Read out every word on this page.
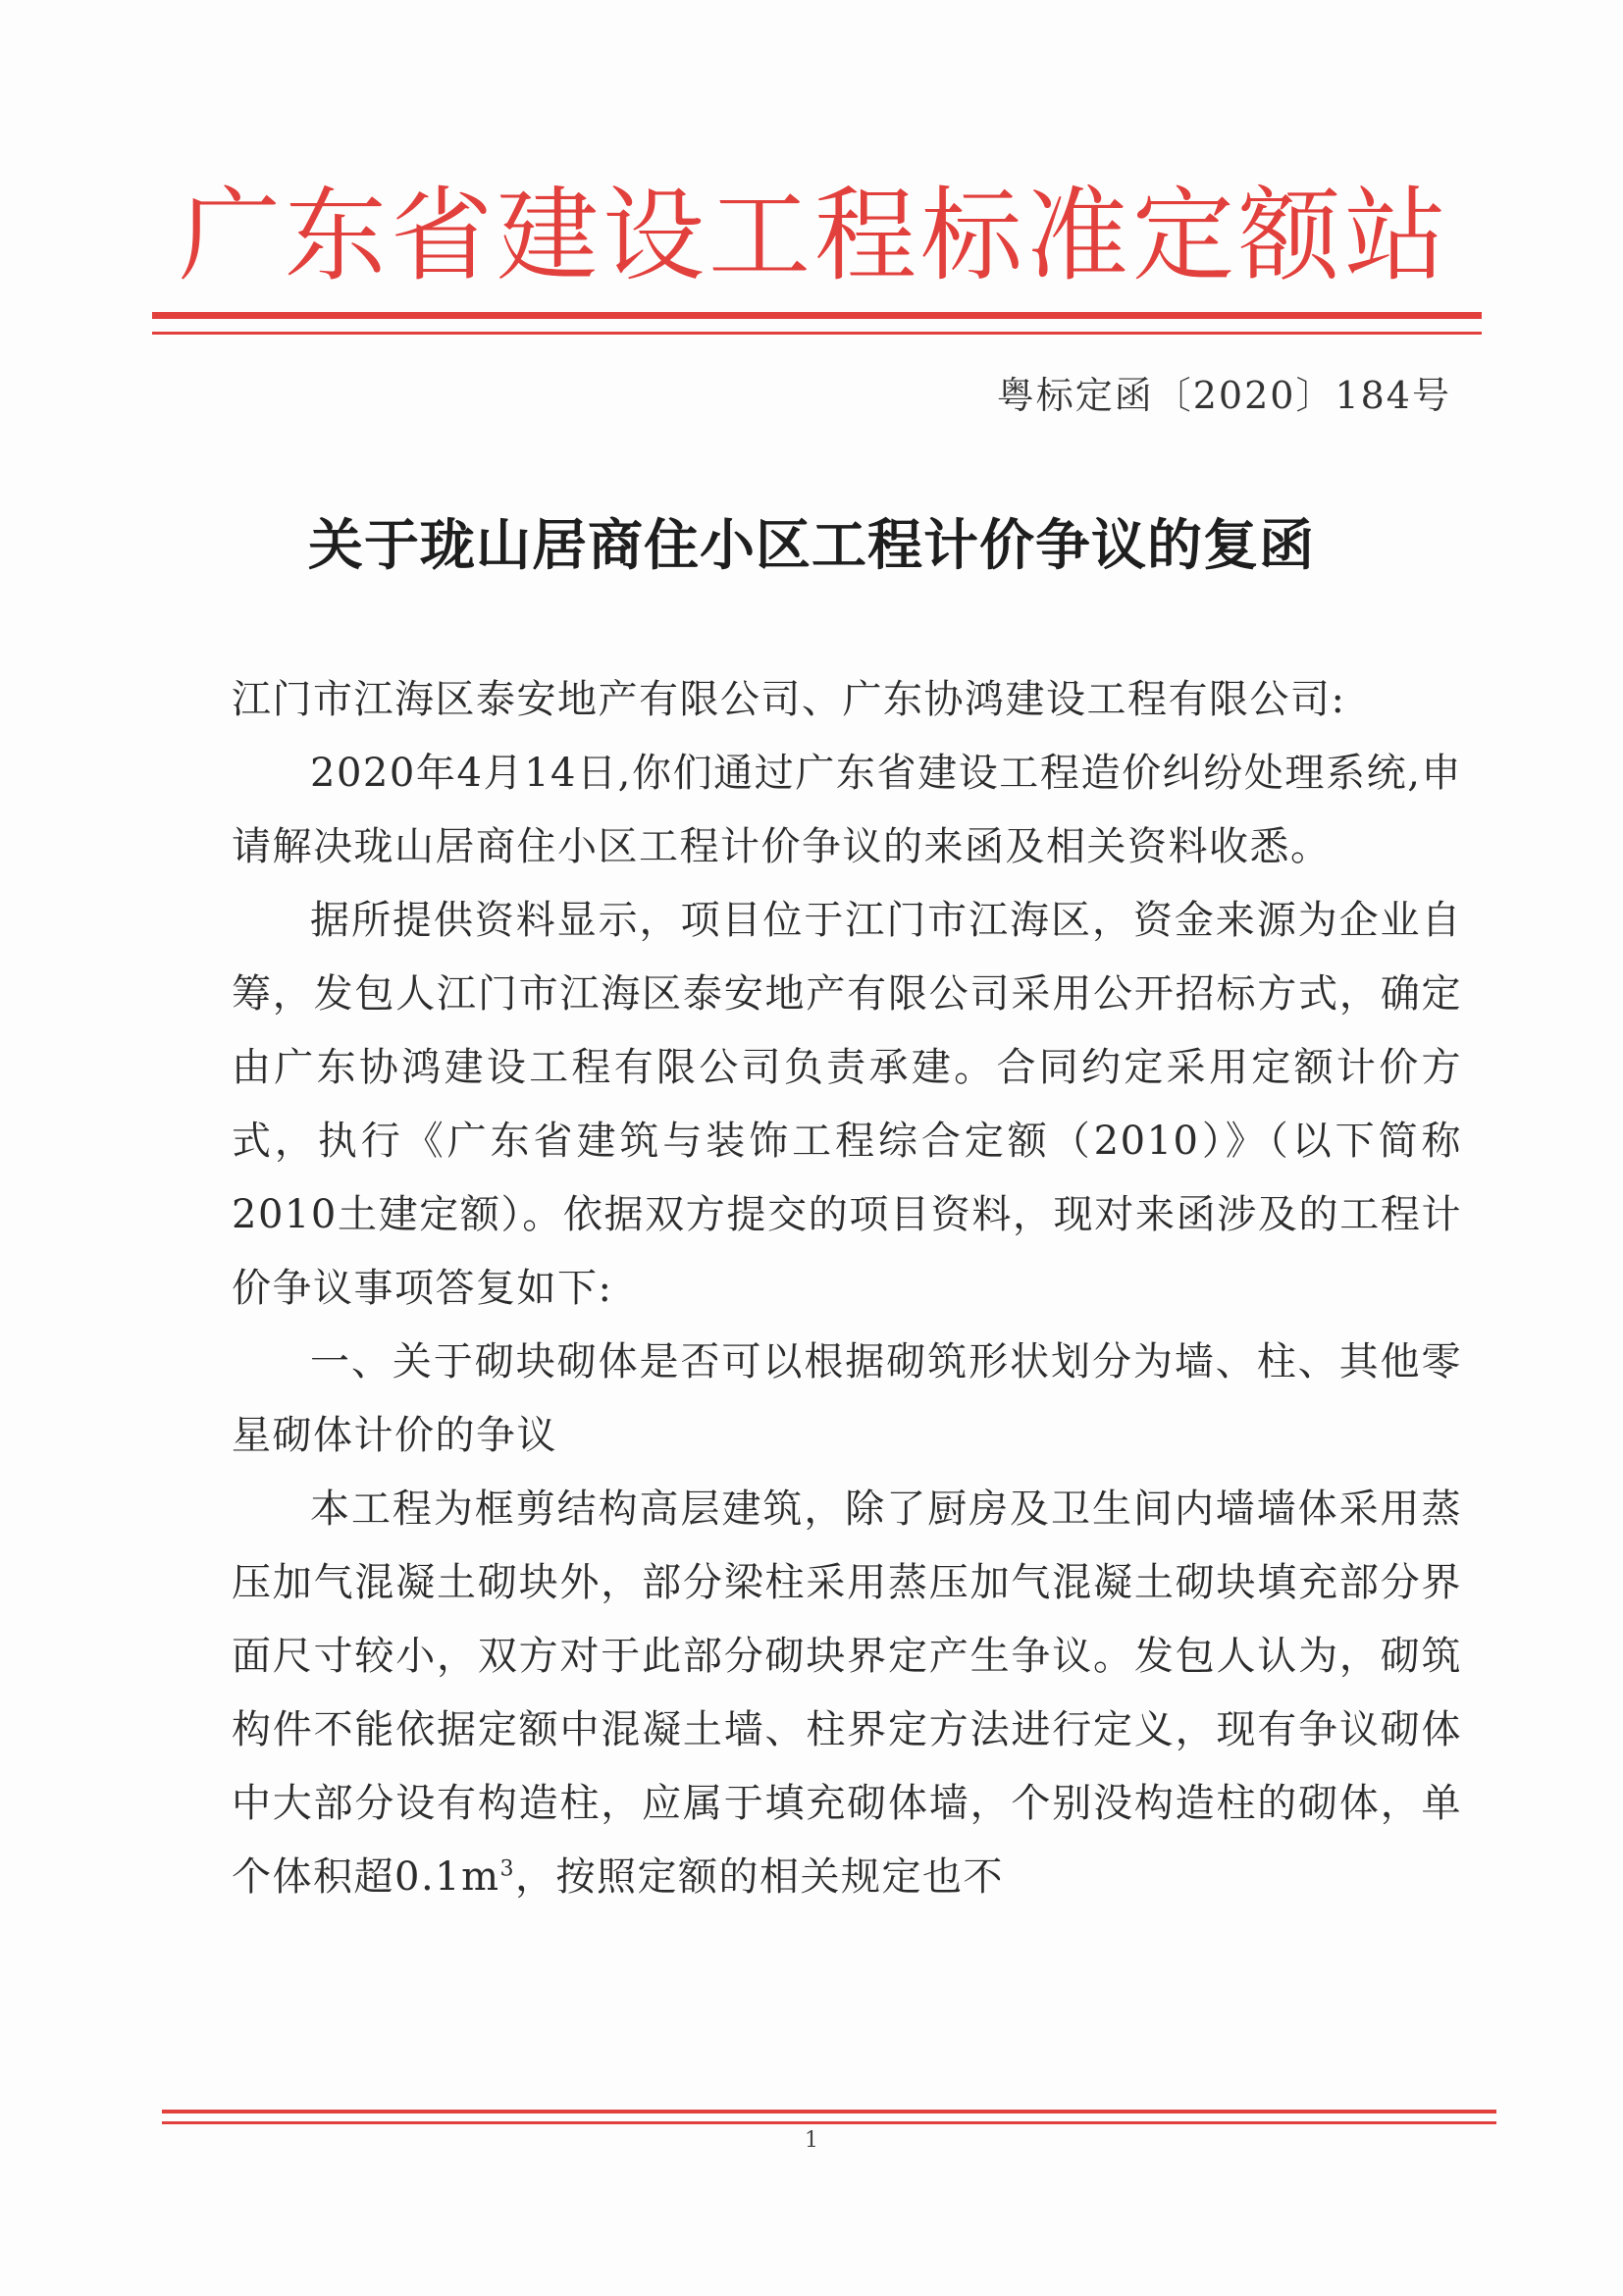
广东省建设工程标准定额站
粤标定函〔2020〕184号
关于珑山居商住小区工程计价争议的复函

江门市江海区泰安地产有限公司、广东协鸿建设工程有限公司:

2020年4月14日,你们通过广东省建设工程造价纠纷处理系统,申请解决珑山居商住小区工程计价争议的来函及相关资料收悉。

据所提供资料显示，项目位于江门市江海区，资金来源为企业自筹，发包人江门市江海区泰安地产有限公司采用公开招标方式，确定由广东协鸿建设工程有限公司负责承建。合同约定采用定额计价方式，执行《广东省建筑与装饰工程综合定额（2010）》（以下简称2010土建定额）。依据双方提交的项目资料，现对来函涉及的工程计价争议事项答复如下:

一、关于砌块砌体是否可以根据砌筑形状划分为墙、柱、其他零星砌体计价的争议

本工程为框剪结构高层建筑，除了厨房及卫生间内墙墙体采用蒸压加气混凝土砌块外，部分梁柱采用蒸压加气混凝土砌块填充部分界面尺寸较小，双方对于此部分砌块界定产生争议。发包人认为，砌筑构件不能依据定额中混凝土墙、柱界定方法进行定义，现有争议砌体中大部分设有构造柱，应属于填充砌体墙，个别没构造柱的砌体，单个体积超$0.1m^3$，按照定额的相关规定也不

1
